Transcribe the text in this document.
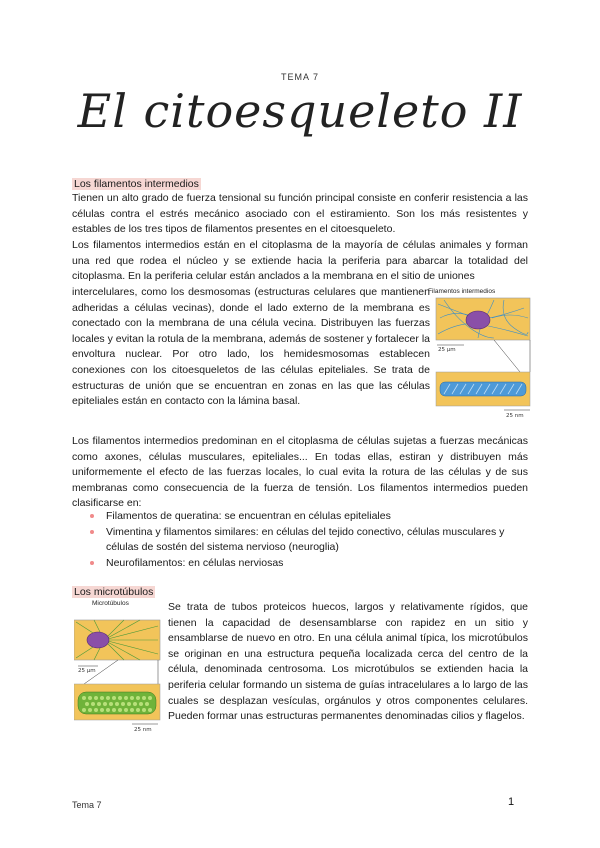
TEMA 7
El citoesqueleto II
Los filamentos intermedios

Tienen un alto grado de fuerza tensional su función principal consiste en conferir resistencia a las células contra el estrés mecánico asociado con el estiramiento. Son los más resistentes y estables de los tres tipos de filamentos presentes en el citoesqueleto.

Los filamentos intermedios están en el citoplasma de la mayoría de células animales y forman una red que rodea el núcleo y se extiende hacia la periferia para abarcar la totalidad del citoplasma. En la periferia celular están anclados a la membrana en el sitio de uniones

intercelulares, como los desmosomas (estructuras celulares que mantienen adheridas a células vecinas), donde el lado externo de la membrana es conectado con la membrana de una célula vecina. Distribuyen las fuerzas locales y evitan la rotula de la membrana, además de sostener y fortalecer la envoltura nuclear. Por otro lado, los hemidesmosomas establecen conexiones con los citoesqueletos de las células epiteliales. Se trata de estructuras de unión que se encuentran en zonas en las que las células epiteliales están en contacto con la lámina basal.

Filamentos intermedios
25 µm
25 nm

Los filamentos intermedios predominan en el citoplasma de células sujetas a fuerzas mecánicas como axones, células musculares, epiteliales... En todas ellas, estiran y distribuyen más uniformemente el efecto de las fuerzas locales, lo cual evita la rotura de las células y de sus membranas como consecuencia de la fuerza de tensión. Los filamentos intermedios pueden clasificarse en:

Filamentos de queratina: se encuentran en células epiteliales
Vimentina y filamentos similares: en células del tejido conectivo, células musculares y células de sostén del sistema nervioso (neuroglia)
Neurofilamentos: en células nerviosas
Los microtúbulos
Microtúbulos
25 µm
25 nm

Se trata de tubos proteicos huecos, largos y relativamente rígidos, que tienen la capacidad de desensamblarse con rapidez en un sitio y ensamblarse de nuevo en otro. En una célula animal típica, los microtúbulos se originan en una estructura pequeña localizada cerca del centro de la célula, denominada centrosoma. Los microtúbulos se extienden hacia la periferia celular formando un sistema de guías intracelulares a lo largo de las cuales se desplazan vesículas, orgánulos y otros componentes celulares. Pueden formar unas estructuras permanentes denominadas cilios y flagelos.

Tema 7	1
